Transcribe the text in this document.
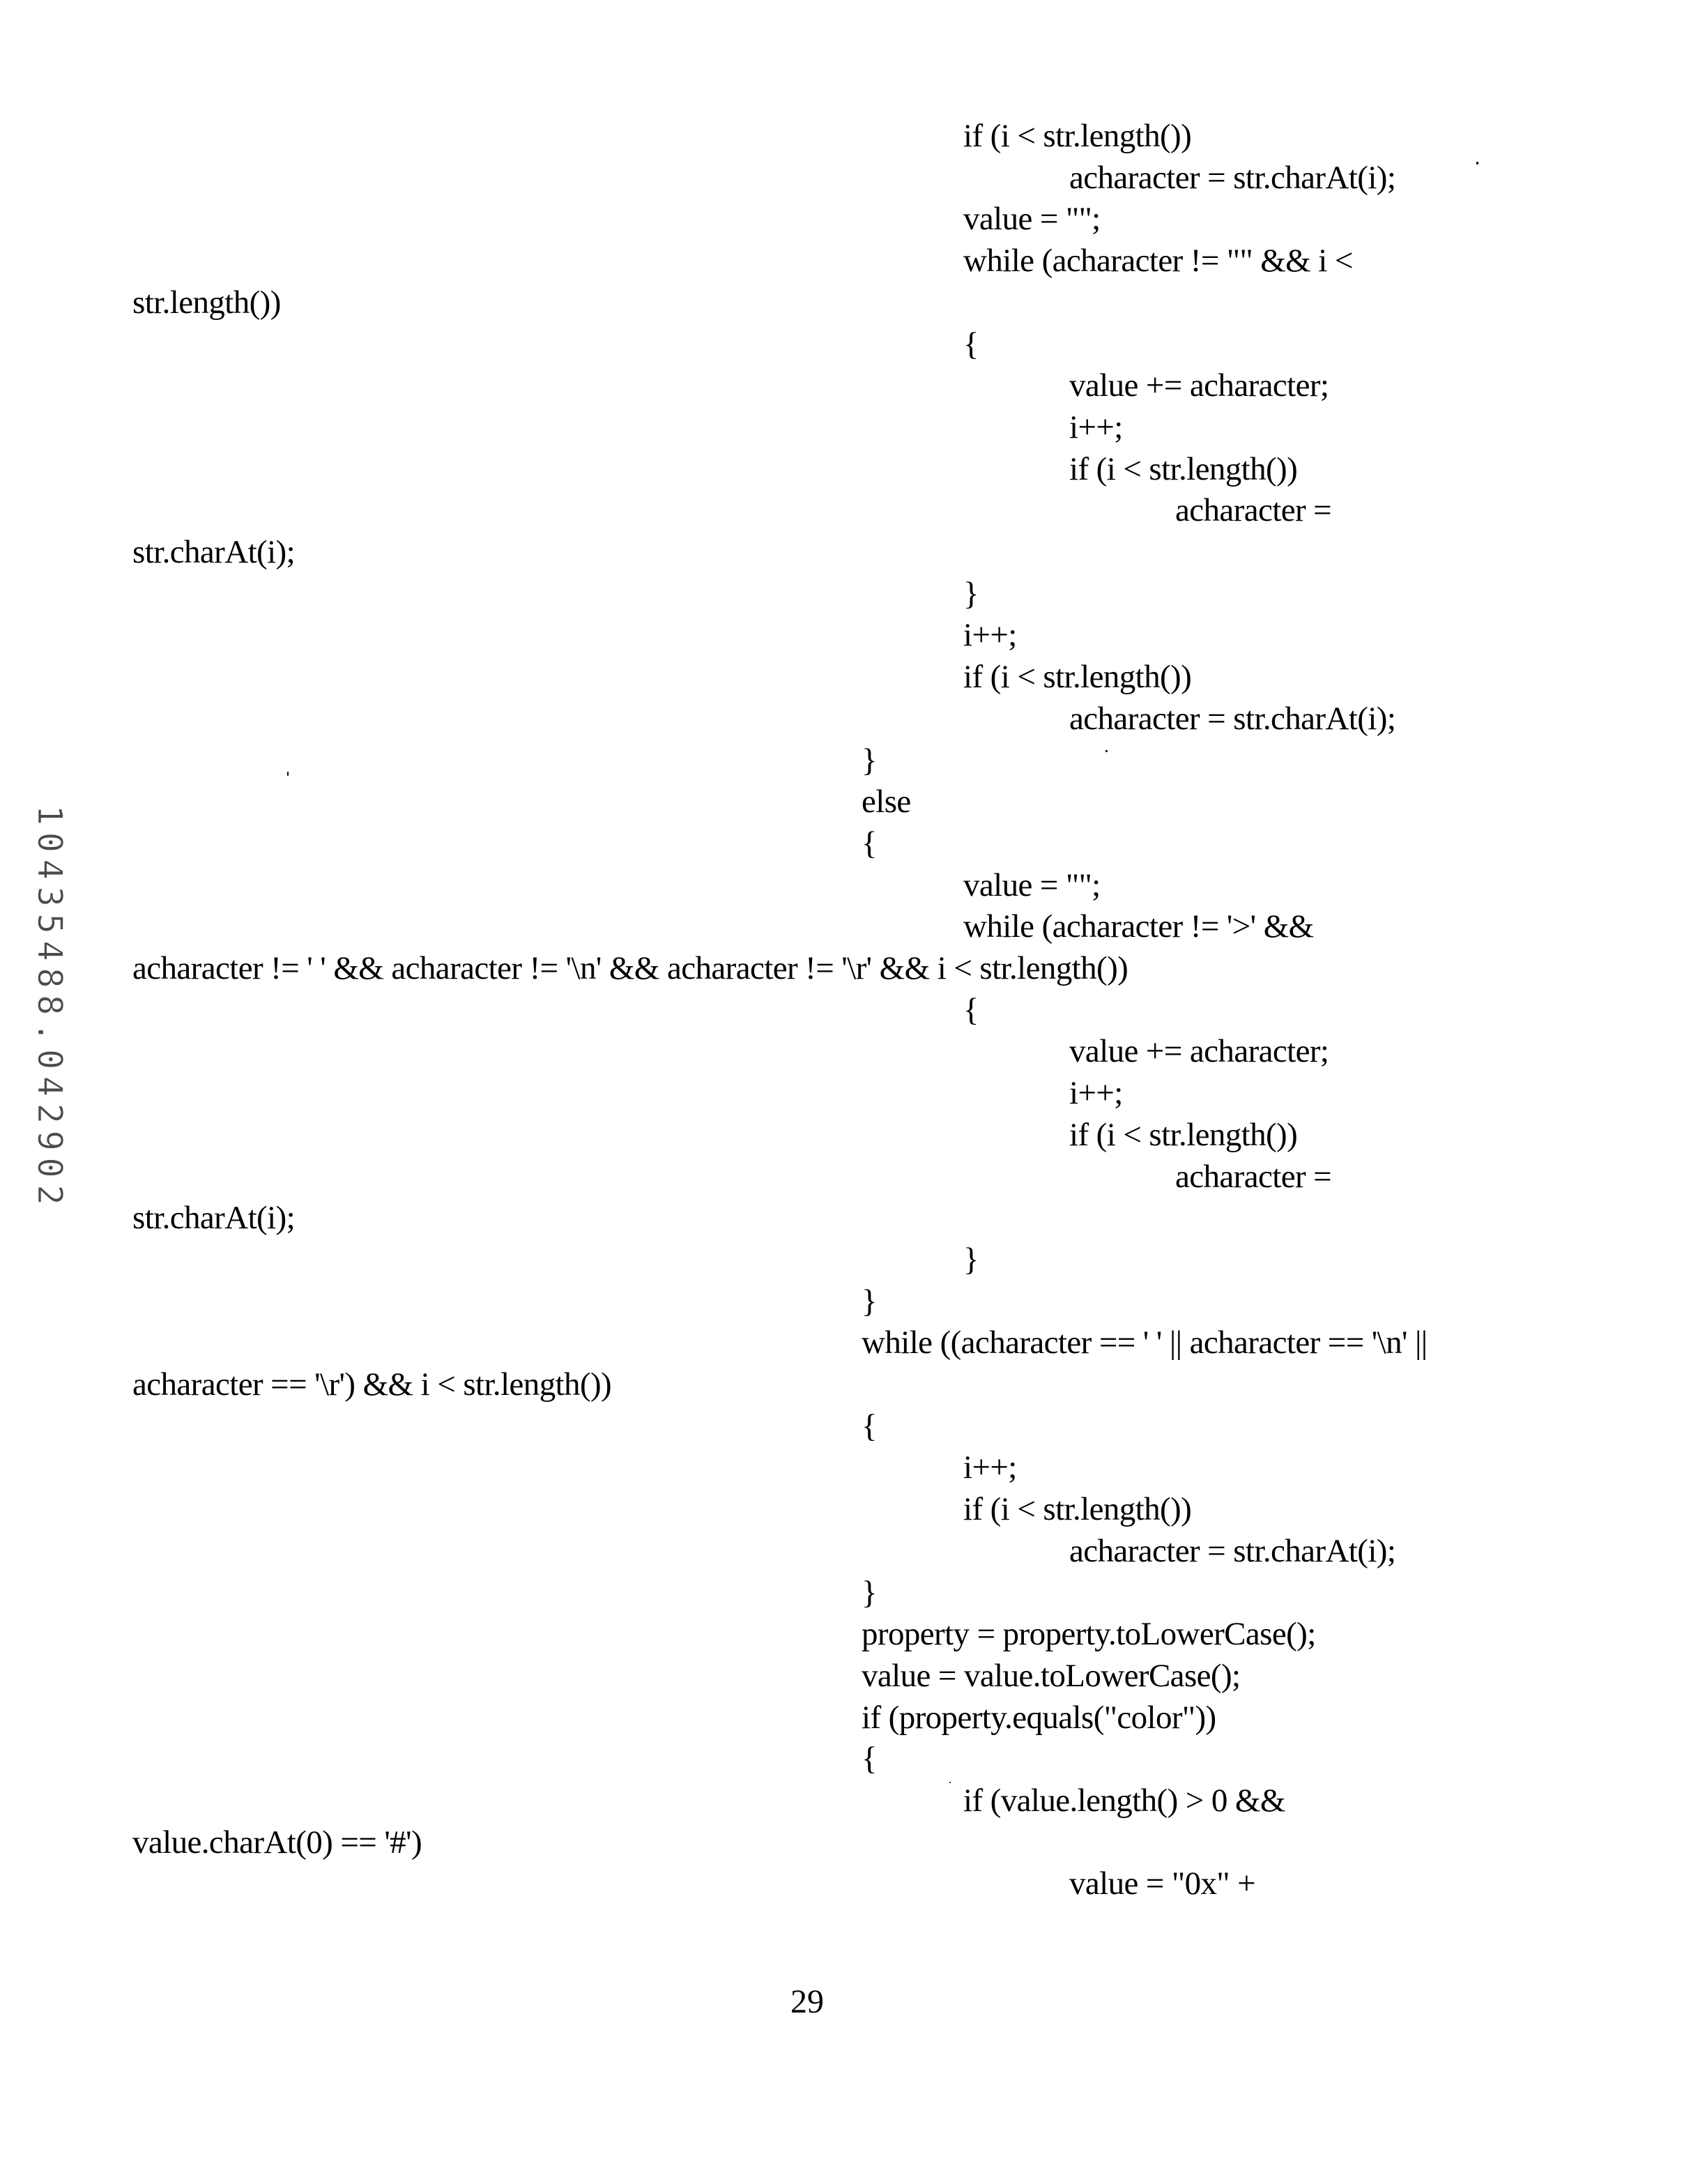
10435488.042902
if (i < str.length())
acharacter = str.charAt(i);
value = "";
while (acharacter != "" && i <
str.length())
{
value += acharacter;
i++;
if (i < str.length())
acharacter =
str.charAt(i);
}
i++;
if (i < str.length())
acharacter = str.charAt(i);
}
else
{
value = "";
while (acharacter != '>' &&
acharacter != ' ' && acharacter != '\n' && acharacter != '\r' && i < str.length())
{
value += acharacter;
i++;
if (i < str.length())
acharacter =
str.charAt(i);
}
}
while ((acharacter == ' ' || acharacter == '\n' ||
acharacter == '\r') && i < str.length())
{
i++;
if (i < str.length())
acharacter = str.charAt(i);
}
property = property.toLowerCase();
value = value.toLowerCase();
if (property.equals("color"))
{
if (value.length() > 0 &&
value.charAt(0) == '#')
value = "0x" +
29
